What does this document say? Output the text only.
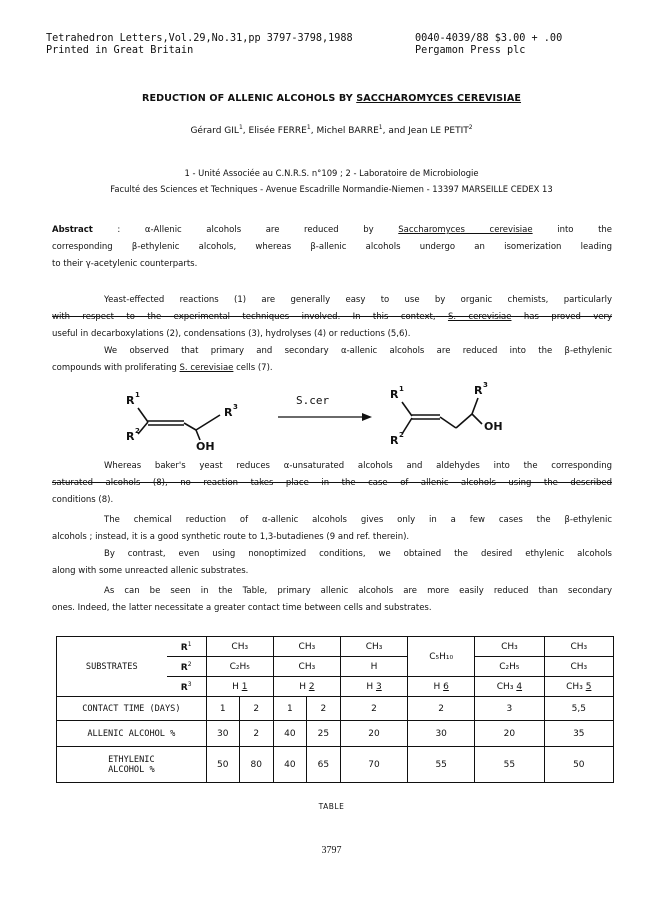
Tetrahedron Letters,Vol.29,No.31,pp 3797-3798,1988
Printed in Great Britain
0040-4039/88 $3.00 + .00
Pergamon Press plc
REDUCTION OF ALLENIC ALCOHOLS BY SACCHAROMYCES CEREVISIAE
Gérard GIL$^1$, Elisée FERRE$^1$, Michel BARRE$^1$, and Jean LE PETIT$^2$
1 - Unité Associée au C.N.R.S. n°109 ; 2 - Laboratoire de Microbiologie
Faculté des Sciences et Techniques - Avenue Escadrille Normandie-Niemen - 13397 MARSEILLE CEDEX 13
Abstract	: α-Allenic alcohols are reduced by	Saccharomyces cerevisiae	into the
corresponding β-ethylenic alcohols, whereas β-allenic alcohols undergo an isomerization leading
to their γ-acetylenic counterparts.
Yeast-effected reactions (1) are generally easy to use by organic chemists, particularly
with respect to the experimental techniques involved. In this context, S. cerevisiae has proved very
useful in decarboxylations (2), condensations (3), hydrolyses (4) or reductions (5,6).
We observed that primary and secondary α-allenic alcohols are reduced into the β-ethylenic
compounds with proliferating S. cerevisiae cells (7).
R 1
R 2
R 3
OH
S.cer	R 1
R 2
R 3
OH
Whereas baker's yeast reduces α-unsaturated alcohols and aldehydes into the corresponding
saturated alcohols (8), no reaction takes place in the case of allenic alcohols using the described
conditions (8).
The chemical reduction of α-allenic alcohols gives only in a few cases the β-ethylenic
alcohols ; instead, it is a good synthetic route to 1,3-butadienes (9 and ref. therein).
By contrast, even using nonoptimized conditions, we obtained the desired ethylenic alcohols
along with some unreacted allenic substrates.
As can be seen in the Table, primary allenic alcohols are more easily reduced than secondary
ones. Indeed, the latter necessitate a greater contact time between cells and substrates.
SUBSTRATES	$R^1$	CH₃		CH₃		CH₃	C₅H₁₀	CH₃	CH₃
	$R^2$	C₂H₅		CH₃		H		C₂H₅	CH₃
	$R^3$	H 1		H 2		H 3	H 6	CH₃ 4	CH₃ 5
CONTACT TIME (DAYS)		1	2	1	2	2	2	3	5,5
ALLENIC ALCOHOL %		30	2	40	25	20	30	20	35

ETHYLENIC
ALCOHOL %		50	80	40	65	70	55	55	50
TABLE
3797
